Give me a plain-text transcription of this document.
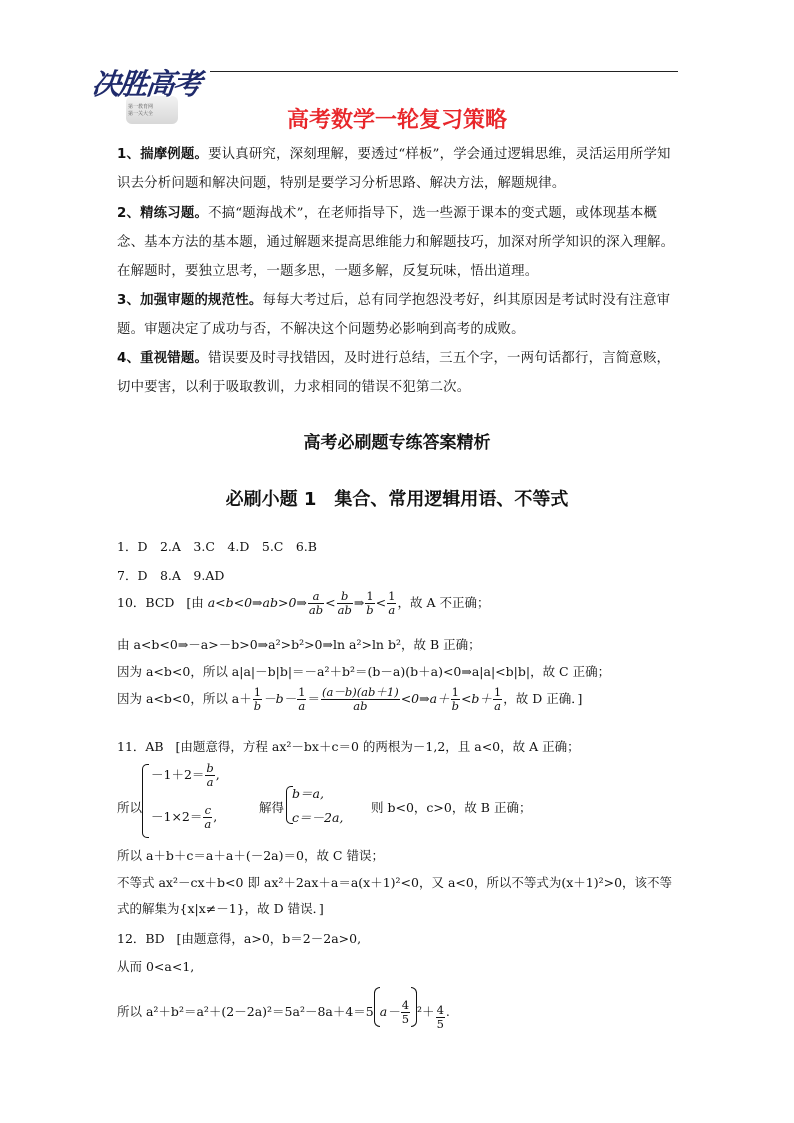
决胜高考
第一教育网
第一关大全	高考数学一轮复习策略
1、揣摩例题。要认真研究，深刻理解，要透过“样板”，学会通过逻辑思维，灵活运用所学知识去分析问题和解决问题，特别是要学习分析思路、解决方法，解题规律。
2、精练习题。不搞“题海战术”，在老师指导下，选一些源于课本的变式题，或体现基本概念、基本方法的基本题，通过解题来提高思维能力和解题技巧，加深对所学知识的深入理解。在解题时，要独立思考，一题多思，一题多解，反复玩味，悟出道理。
3、加强审题的规范性。每每大考过后，总有同学抱怨没考好，纠其原因是考试时没有注意审题。审题决定了成功与否，不解决这个问题势必影响到高考的成败。
4、重视错题。错误要及时寻找错因，及时进行总结，三五个字，一两句话都行，言简意赅，切中要害，以利于吸取教训，力求相同的错误不犯第二次。
高考必刷题专练答案精析
必刷小题 1　集合、常用逻辑用语、不等式
1．D　2.A　3.C　4.D　5.C　6.B
7．D　8.A　9.AD
10．BCD [由 a<b<0⇒ab>0⇒ $\frac{a}{ab} < \frac{b}{ab}$ ⇒ $\frac{1}{b} < \frac{1}{a}$ ，故 A 不正确；
由 a<b<0⇒－a>－b>0⇒a²>b²>0⇒ln a²>ln b²，故 B 正确；
因为 a<b<0，所以 a|a|－b|b|＝－a²＋b²＝(b－a)(b＋a)<0⇒a|a|<b|b|，故 C 正确；
因为 a<b<0，所以 $a+ \frac{1}{b} -b- \frac{1}{a} = \frac{(a-b)(ab+1)}{ab}$ <0⇒a＋ $\frac{1}{b} <b+ \frac{1}{a}$ ，故 D 正确．]
11．AB [由题意得，方程 ax²－bx＋c＝0 的两根为－1,2，且 a<0，故 A 正确；
所以
$-1+2= \frac{b}{a}$ ,
$-1\times 2= \frac{c}{a}$ ,
解得
b＝a,
c＝－2a,
则 b<0，c>0，故 B 正确；
所以 a＋b＋c＝a＋a＋(－2a)＝0，故 C 错误；
不等式 ax²－cx＋b<0 即 ax²＋2ax＋a＝a(x＋1)²<0，又 a<0，所以不等式为(x＋1)²>0，该不等
式的解集为{x|x≠－1}，故 D 错误．]
12．BD [由题意得，a>0，b＝2－2a>0,
从而 0<a<1,
所以 a²＋b²＝a²＋(2－2a)²＝5a²－8a＋4＝5 $a- \frac{4}{5} ^2+ \frac{4}{5}$ .
